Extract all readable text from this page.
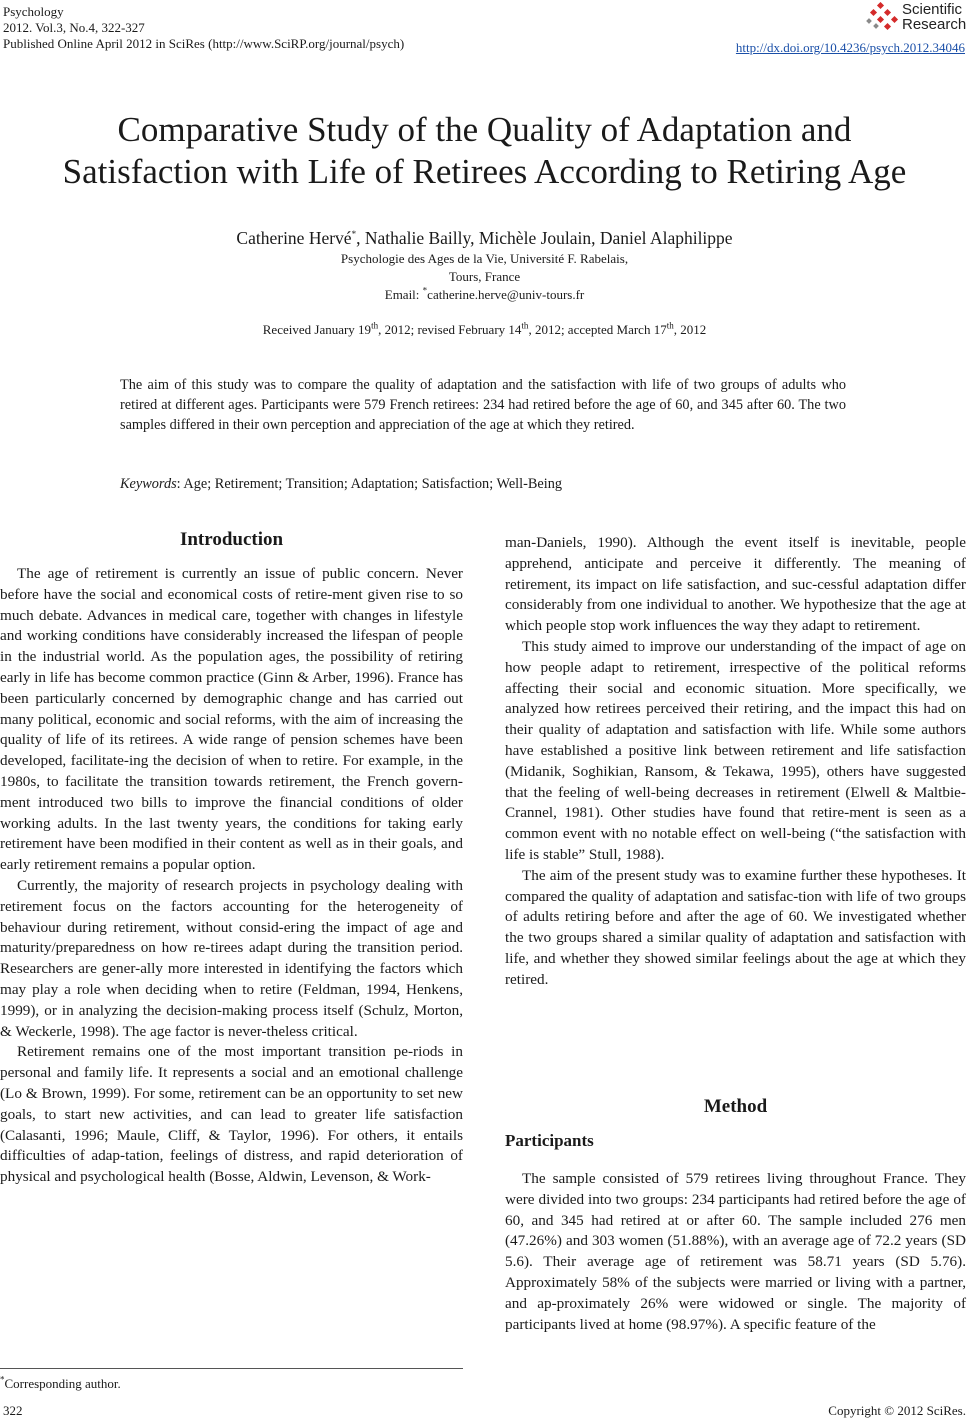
Psychology
2012. Vol.3, No.4, 322-327
Published Online April 2012 in SciRes (http://www.SciRP.org/journal/psych)	http://dx.doi.org/10.4236/psych.2012.34046
Scientific
Research
Comparative Study of the Quality of Adaptation and
Satisfaction with Life of Retirees According to Retiring Age
Catherine Hervé*, Nathalie Bailly, Michèle Joulain, Daniel Alaphilippe
Psychologie des Ages de la Vie, Université F. Rabelais,
Tours, France
Email: *catherine.herve@univ-tours.fr
Received January 19th, 2012; revised February 14th, 2012; accepted March 17th, 2012
The aim of this study was to compare the quality of adaptation and the satisfaction with life of two groups of adults who retired at different ages. Participants were 579 French retirees: 234 had retired before the age of 60, and 345 after 60. The two samples differed in their own perception and appreciation of the age at which they retired.
Keywords: Age; Retirement; Transition; Adaptation; Satisfaction; Well-Being
Introduction

The age of retirement is currently an issue of public concern. Never before have the social and economical costs of retire-ment given rise to so much debate. Advances in medical care, together with changes in lifestyle and working conditions have considerably increased the lifespan of people in the industrial world. As the population ages, the possibility of retiring early in life has become common practice (Ginn & Arber, 1996). France has been particularly concerned by demographic change and has carried out many political, economic and social reforms, with the aim of increasing the quality of life of its retirees. A wide range of pension schemes have been developed, facilitate-ing the decision of when to retire. For example, in the 1980s, to facilitate the transition towards retirement, the French govern-ment introduced two bills to improve the financial conditions of older working adults. In the last twenty years, the conditions for taking early retirement have been modified in their content as well as in their goals, and early retirement remains a popular option.

Currently, the majority of research projects in psychology dealing with retirement focus on the factors accounting for the heterogeneity of behaviour during retirement, without consid-ering the impact of age and maturity/preparedness on how re-tirees adapt during the transition period. Researchers are gener-ally more interested in identifying the factors which may play a role when deciding when to retire (Feldman, 1994, Henkens, 1999), or in analyzing the decision-making process itself (Schulz, Morton, & Weckerle, 1998). The age factor is never-theless critical.

Retirement remains one of the most important transition pe-riods in personal and family life. It represents a social and an emotional challenge (Lo & Brown, 1999). For some, retirement can be an opportunity to set new goals, to start new activities, and can lead to greater life satisfaction (Calasanti, 1996; Maule, Cliff, & Taylor, 1996). For others, it entails difficulties of adap-tation, feelings of distress, and rapid deterioration of physical and psychological health (Bosse, Aldwin, Levenson, & Work-

*Corresponding author.

man-Daniels, 1990). Although the event itself is inevitable, people apprehend, anticipate and perceive it differently. The meaning of retirement, its impact on life satisfaction, and suc-cessful adaptation differ considerably from one individual to another. We hypothesize that the age at which people stop work influences the way they adapt to retirement.

This study aimed to improve our understanding of the impact of age on how people adapt to retirement, irrespective of the political reforms affecting their social and economic situation. More specifically, we analyzed how retirees perceived their retiring, and the impact this had on their quality of adaptation and satisfaction with life. While some authors have established a positive link between retirement and life satisfaction (Midanik, Soghikian, Ransom, & Tekawa, 1995), others have suggested that the feeling of well-being decreases in retirement (Elwell & Maltbie-Crannel, 1981). Other studies have found that retire-ment is seen as a common event with no notable effect on well-being (“the satisfaction with life is stable” Stull, 1988).

The aim of the present study was to examine further these hypotheses. It compared the quality of adaptation and satisfac-tion with life of two groups of adults retiring before and after the age of 60. We investigated whether the two groups shared a similar quality of adaptation and satisfaction with life, and whether they showed similar feelings about the age at which they retired.

Method
Participants

The sample consisted of 579 retirees living throughout France. They were divided into two groups: 234 participants had retired before the age of 60, and 345 had retired at or after 60. The sample included 276 men (47.26%) and 303 women (51.88%), with an average age of 72.2 years (SD 5.6). Their average age of retirement was 58.71 years (SD 5.76). Approximately 58% of the subjects were married or living with a partner, and ap-proximately 26% were widowed or single. The majority of participants lived at home (98.97%). A specific feature of the

322	Copyright © 2012 SciRes.
